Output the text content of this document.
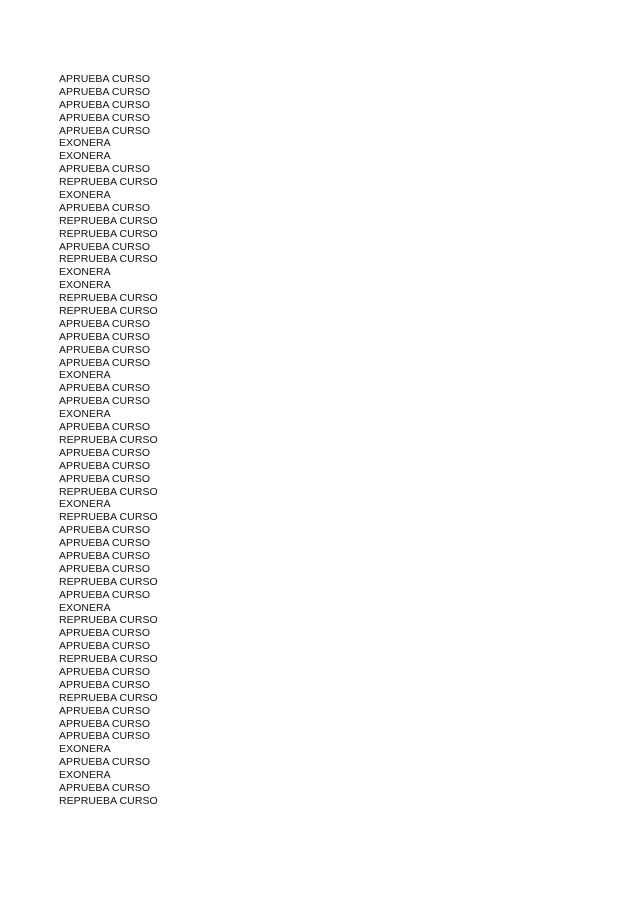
APRUEBA CURSO
APRUEBA CURSO
APRUEBA CURSO
APRUEBA CURSO
APRUEBA CURSO
EXONERA
EXONERA
APRUEBA CURSO
REPRUEBA CURSO
EXONERA
APRUEBA CURSO
REPRUEBA CURSO
REPRUEBA CURSO
APRUEBA CURSO
REPRUEBA CURSO
EXONERA
EXONERA
REPRUEBA CURSO
REPRUEBA CURSO
APRUEBA CURSO
APRUEBA CURSO
APRUEBA CURSO
APRUEBA CURSO
EXONERA
APRUEBA CURSO
APRUEBA CURSO
EXONERA
APRUEBA CURSO
REPRUEBA CURSO
APRUEBA CURSO
APRUEBA CURSO
APRUEBA CURSO
REPRUEBA CURSO
EXONERA
REPRUEBA CURSO
APRUEBA CURSO
APRUEBA CURSO
APRUEBA CURSO
APRUEBA CURSO
REPRUEBA CURSO
APRUEBA CURSO
EXONERA
REPRUEBA CURSO
APRUEBA CURSO
APRUEBA CURSO
REPRUEBA CURSO
APRUEBA CURSO
APRUEBA CURSO
REPRUEBA CURSO
APRUEBA CURSO
APRUEBA CURSO
APRUEBA CURSO
EXONERA
APRUEBA CURSO
EXONERA
APRUEBA CURSO
REPRUEBA CURSO
